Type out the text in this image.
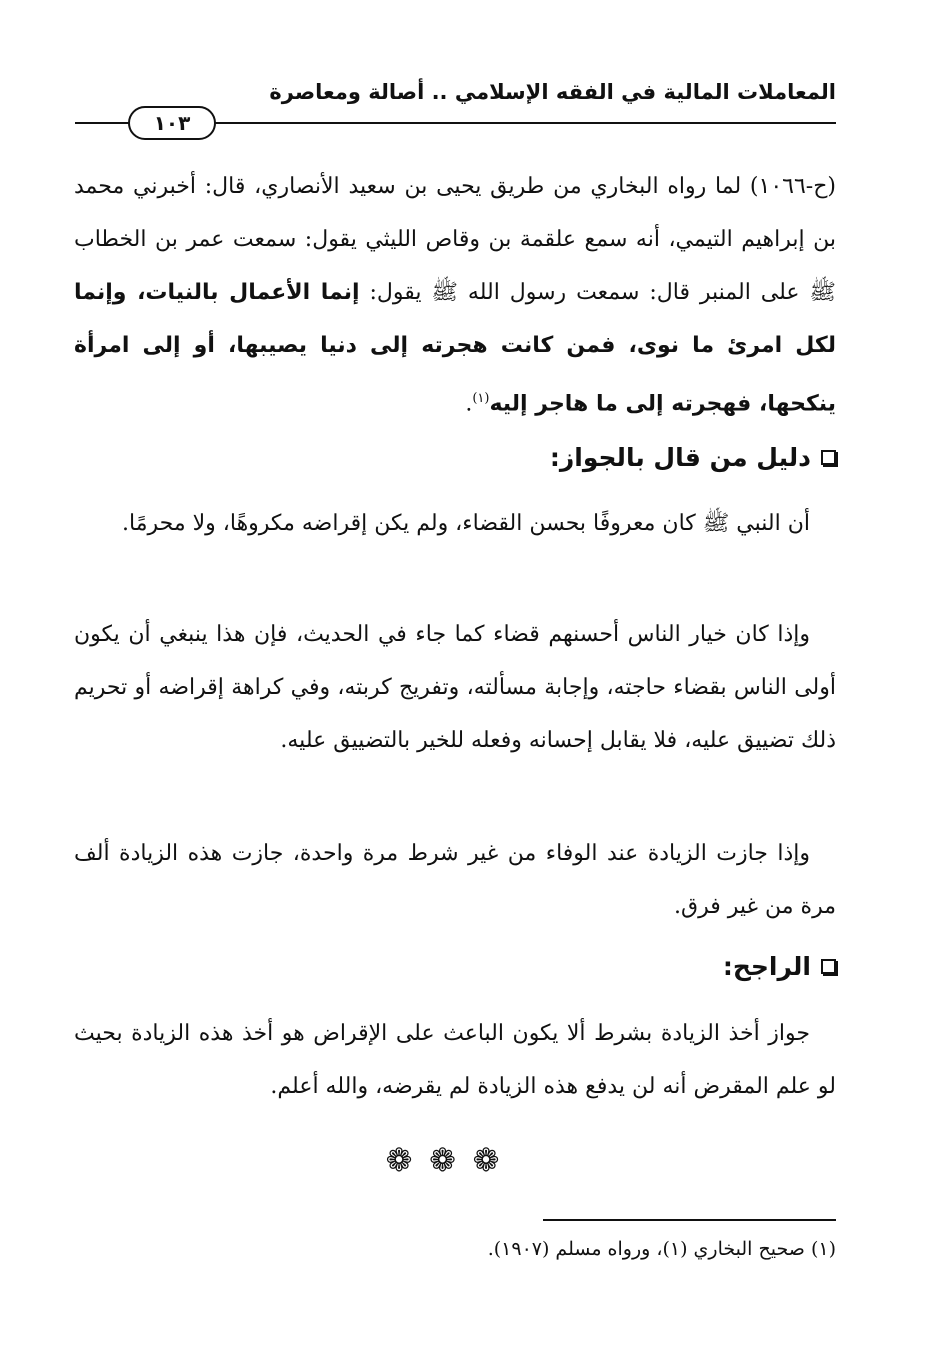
المعاملات المالية في الفقه الإسلامي .. أصالة ومعاصرة
١٠٣
(ح-١٠٦٦) لما رواه البخاري من طريق يحيى بن سعيد الأنصاري، قال: أخبرني محمد بن إبراهيم التيمي، أنه سمع علقمة بن وقاص الليثي يقول: سمعت عمر بن الخطاب ﷺ على المنبر قال: سمعت رسول الله ﷺ يقول: إنما الأعمال بالنيات، وإنما لكل امرئ ما نوى، فمن كانت هجرته إلى دنيا يصيبها، أو إلى امرأة ينكحها، فهجرته إلى ما هاجر إليه$^{(١)}$.
دليل من قال بالجواز:
أن النبي ﷺ كان معروفًا بحسن القضاء، ولم يكن إقراضه مكروهًا، ولا محرمًا.
وإذا كان خيار الناس أحسنهم قضاء كما جاء في الحديث، فإن هذا ينبغي أن يكون أولى الناس بقضاء حاجته، وإجابة مسألته، وتفريج كربته، وفي كراهة إقراضه أو تحريم ذلك تضييق عليه، فلا يقابل إحسانه وفعله للخير بالتضييق عليه.
وإذا جازت الزيادة عند الوفاء من غير شرط مرة واحدة، جازت هذه الزيادة ألف مرة من غير فرق.
الراجح:
جواز أخذ الزيادة بشرط ألا يكون الباعث على الإقراض هو أخذ هذه الزيادة بحيث لو علم المقرض أنه لن يدفع هذه الزيادة لم يقرضه، والله أعلم.
❁ ❁ ❁
(١) صحيح البخاري (١)، ورواه مسلم (١٩٠٧).
